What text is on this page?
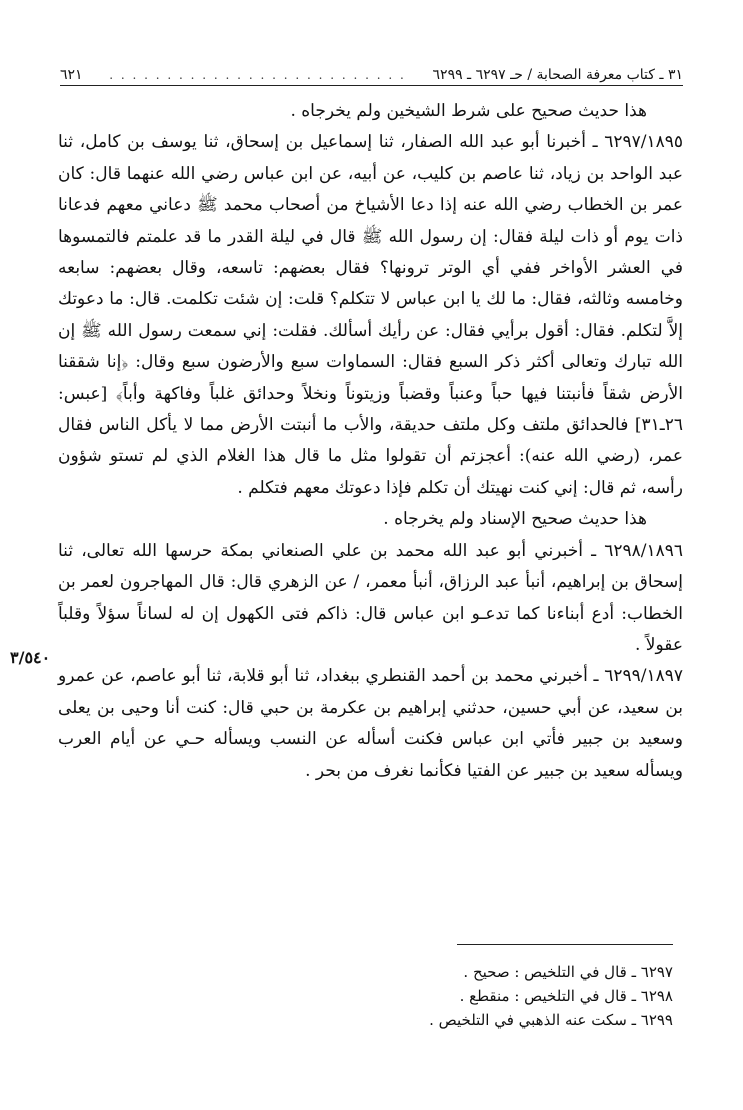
٣١ ـ كتاب معرفة الصحابة / حـ ٦٢٩٧ ـ ٦٢٩٩
. . . . . . . . . . . . . . . . . . . . . . . . . .
٦٢١

هذا حديث صحيح على شرط الشيخين ولم يخرجاه .

٦٢٩٧/١٨٩٥ ـ أخبرنا أبو عبد الله الصفار، ثنا إسماعيل بن إسحاق، ثنا يوسف بن كامل، ثنا عبد الواحد بن زياد، ثنا عاصم بن كليب، عن أبيه، عن ابن عباس رضي الله عنهما قال: كان عمر بن الخطاب رضي الله عنه إذا دعا الأشياخ من أصحاب محمد ﷺ دعاني معهم فدعانا ذات يوم أو ذات ليلة فقال: إن رسول الله ﷺ قال في ليلة القدر ما قد علمتم فالتمسوها في العشر الأواخر ففي أي الوتر ترونها؟ فقال بعضهم: تاسعه، وقال بعضهم: سابعه وخامسه وثالثه، فقال: ما لك يا ابن عباس لا تتكلم؟ قلت: إن شئت تكلمت. قال: ما دعوتك إلاَّ لتكلم. فقال: أقول برأيي فقال: عن رأيك أسألك. فقلت: إني سمعت رسول الله ﷺ إن الله تبارك وتعالى أكثر ذكر السبع فقال: السماوات سبع والأرضون سبع وقال: ﴿إنا شققنا الأرض شقاً فأنبتنا فيها حباً وعنباً وقضباً وزيتوناً ونخلاً وحدائق غلباً وفاكهة وأباً﴾ [عبس: ٢٦ـ٣١] فالحدائق ملتف وكل ملتف حديقة، والأب ما أنبتت الأرض مما لا يأكل الناس فقال عمر، (رضي الله عنه): أعجزتم أن تقولوا مثل ما قال هذا الغلام الذي لم تستو شؤون رأسه، ثم قال: إني كنت نهيتك أن تكلم فإذا دعوتك معهم فتكلم .

هذا حديث صحيح الإسناد ولم يخرجاه .

٦٢٩٨/١٨٩٦ ـ أخبرني أبو عبد الله محمد بن علي الصنعاني بمكة حرسها الله تعالى، ثنا إسحاق بن إبراهيم، أنبأ عبد الرزاق، أنبأ معمر، / عن الزهري قال: قال المهاجرون لعمر بن الخطاب: أدع أبناءنا كما تدعـو ابن عباس قال: ذاكم فتى الكهول إن له لساناً سؤلاً وقلباً عقولاً .

٦٢٩٩/١٨٩٧ ـ أخبرني محمد بن أحمد القنطري ببغداد، ثنا أبو قلابة، ثنا أبو عاصم، عن عمرو بن سعيد، عن أبي حسين، حدثني إبراهيم بن عكرمة بن حبي قال: كنت أنا وحيى بن يعلى وسعيد بن جبير فأتي ابن عباس فكنت أسأله عن النسب ويسأله حـي عن أيام العرب ويسأله سعيد بن جبير عن الفتيا فكأنما نغرف من بحر .

٣/٥٤٠
٦٢٩٧ ـ قال في التلخيص : صحيح .
٦٢٩٨ ـ قال في التلخيص : منقطع .
٦٢٩٩ ـ سكت عنه الذهبي في التلخيص .
